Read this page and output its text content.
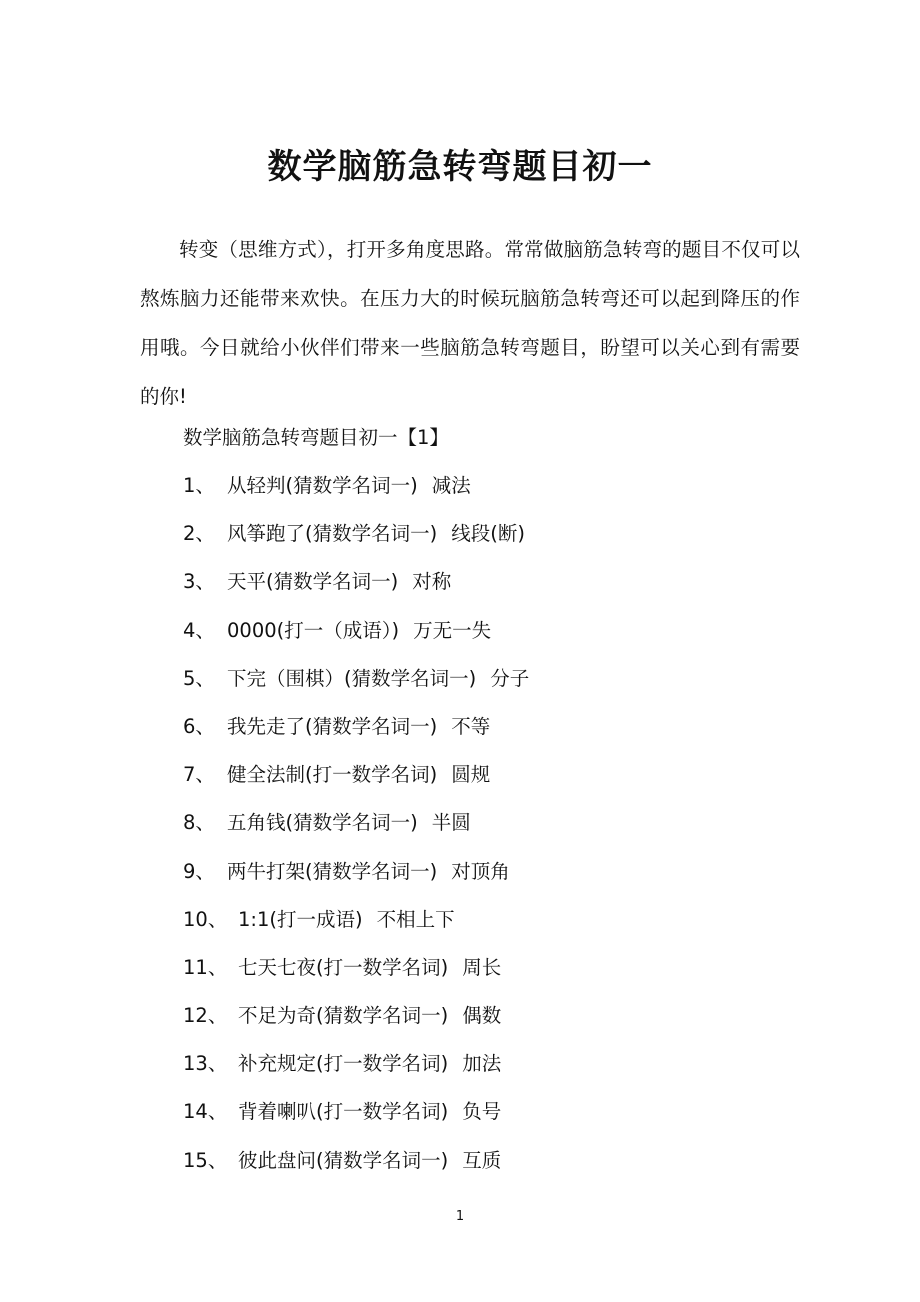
数学脑筋急转弯题目初一

转变（思维方式），打开多角度思路。常常做脑筋急转弯的题目不仅可以熬炼脑力还能带来欢快。在压力大的时候玩脑筋急转弯还可以起到降压的作用哦。今日就给小伙伴们带来一些脑筋急转弯题目，盼望可以关心到有需要的你!

数学脑筋急转弯题目初一【1】
1、 从轻判(猜数学名词一) 减法
2、 风筝跑了(猜数学名词一) 线段(断)
3、 天平(猜数学名词一) 对称
4、 0000(打一（成语）) 万无一失
5、 下完（围棋）(猜数学名词一) 分子
6、 我先走了(猜数学名词一) 不等
7、 健全法制(打一数学名词) 圆规
8、 五角钱(猜数学名词一) 半圆
9、 两牛打架(猜数学名词一) 对顶角
10、 1:1(打一成语) 不相上下
11、 七天七夜(打一数学名词) 周长
12、 不足为奇(猜数学名词一) 偶数
13、 补充规定(打一数学名词) 加法
14、 背着喇叭(打一数学名词) 负号
15、 彼此盘问(猜数学名词一) 互质
1
